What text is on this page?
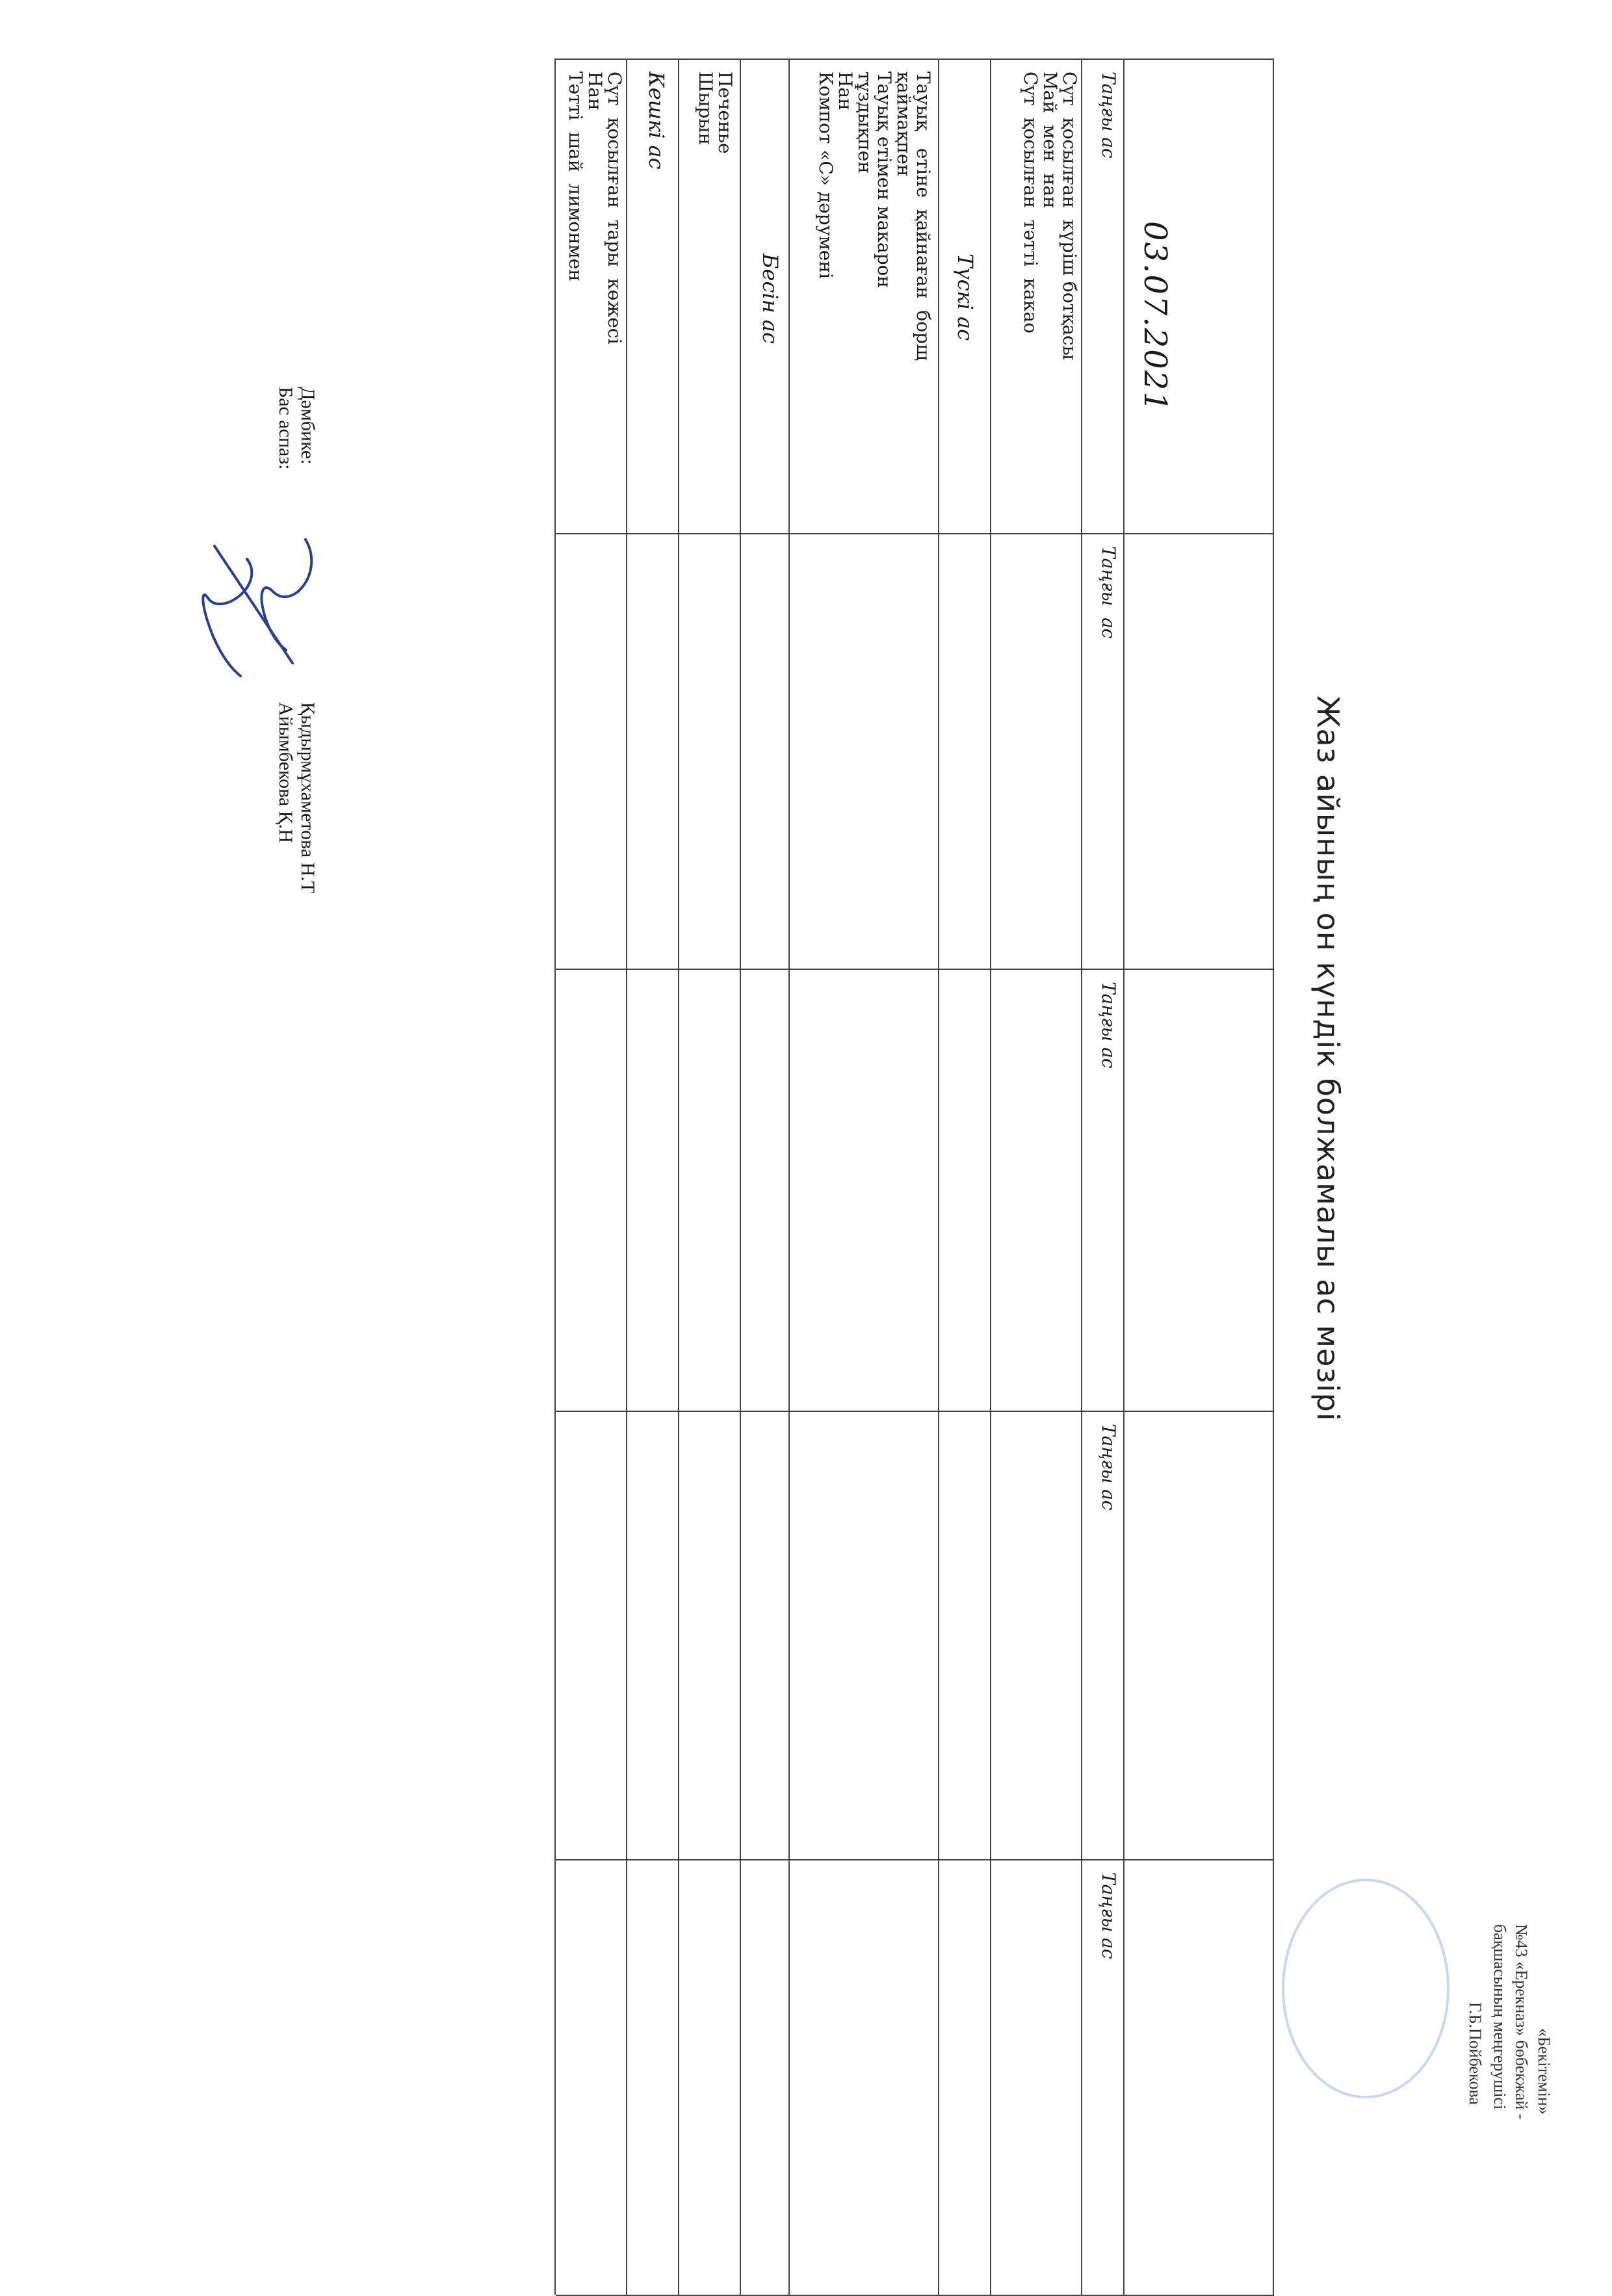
Жаз айының он күндік болжамалы ас мәзірі
«Бекітемін»
№43 «Ерекназ» бөбекжай -
бақшасының меңгерушісі
Г.Б.Пойбекова
03.07.2021
Таңғы ас
Сүт  қосылған  күріш ботқасы
Май  мен  нан
Сүт  қосылған  тәтті  какао
Түскі ас
Тауық   етіне  қайнаған  борщ
қаймақпен
Тауық етімен макарон
тұздықпен
Нан
Компот «С» дәрумені
Бесін ас
Печенье
Шырын
Кешкі ас
Сүт  қосылған  тары  көжесі
Нан
Тәтті  шай  лимонмен
Таңғы  ас
Таңғы ас
Таңғы ас
Таңғы ас
Дәмбике:
Бас аспаз:
Қыдырмұхаметова Н.Т
Айымбекова Қ.Н
